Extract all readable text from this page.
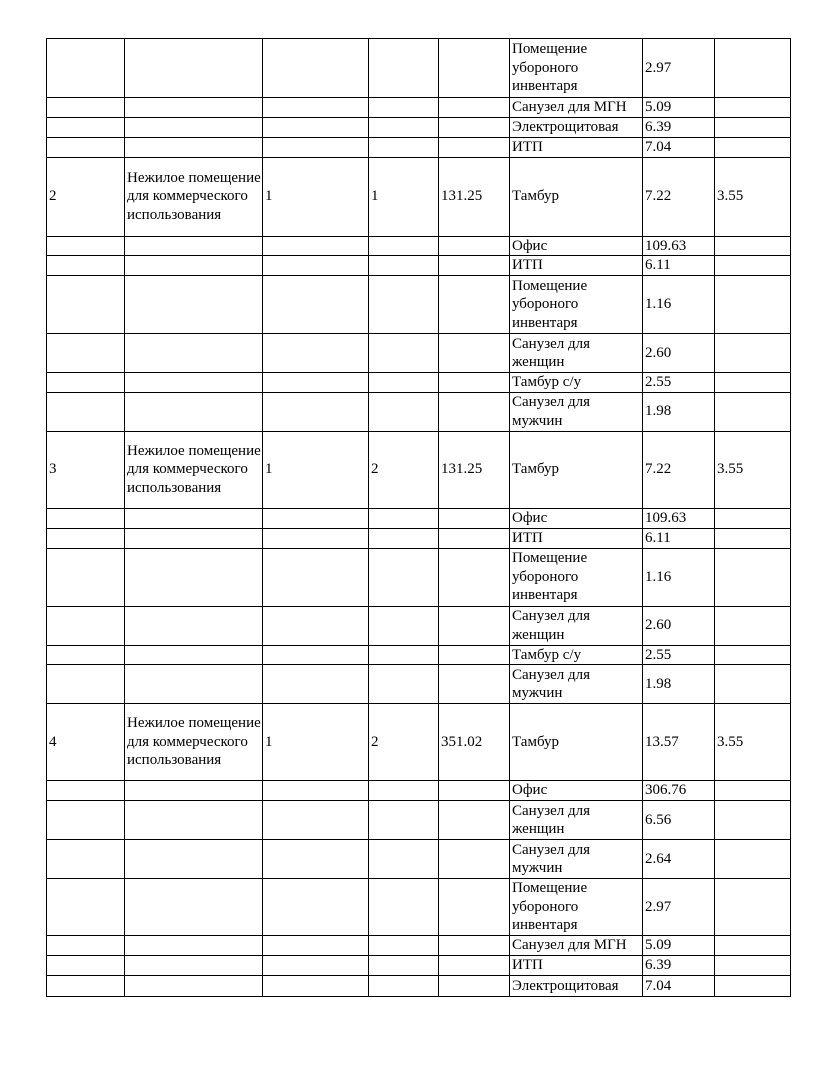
					Помещение убороного инвентаря	2.97	
					Санузел для МГН	5.09	
					Электрощитовая	6.39	
					ИТП	7.04	
2	Нежилое помещение для коммерческого использования	1	1	131.25	Тамбур	7.22	3.55
					Офис	109.63	
					ИТП	6.11	
					Помещение убороного инвентаря	1.16	
					Санузел для женщин	2.60	
					Тамбур с/у	2.55	
					Санузел для мужчин	1.98	
3	Нежилое помещение для коммерческого использования	1	2	131.25	Тамбур	7.22	3.55
					Офис	109.63	
					ИТП	6.11	
					Помещение убороного инвентаря	1.16	
					Санузел для женщин	2.60	
					Тамбур с/у	2.55	
					Санузел для мужчин	1.98	
4	Нежилое помещение для коммерческого использования	1	2	351.02	Тамбур	13.57	3.55
					Офис	306.76	
					Санузел для женщин	6.56	
					Санузел для мужчин	2.64	
					Помещение убороного инвентаря	2.97	
					Санузел для МГН	5.09	
					ИТП	6.39	
					Электрощитовая	7.04	
